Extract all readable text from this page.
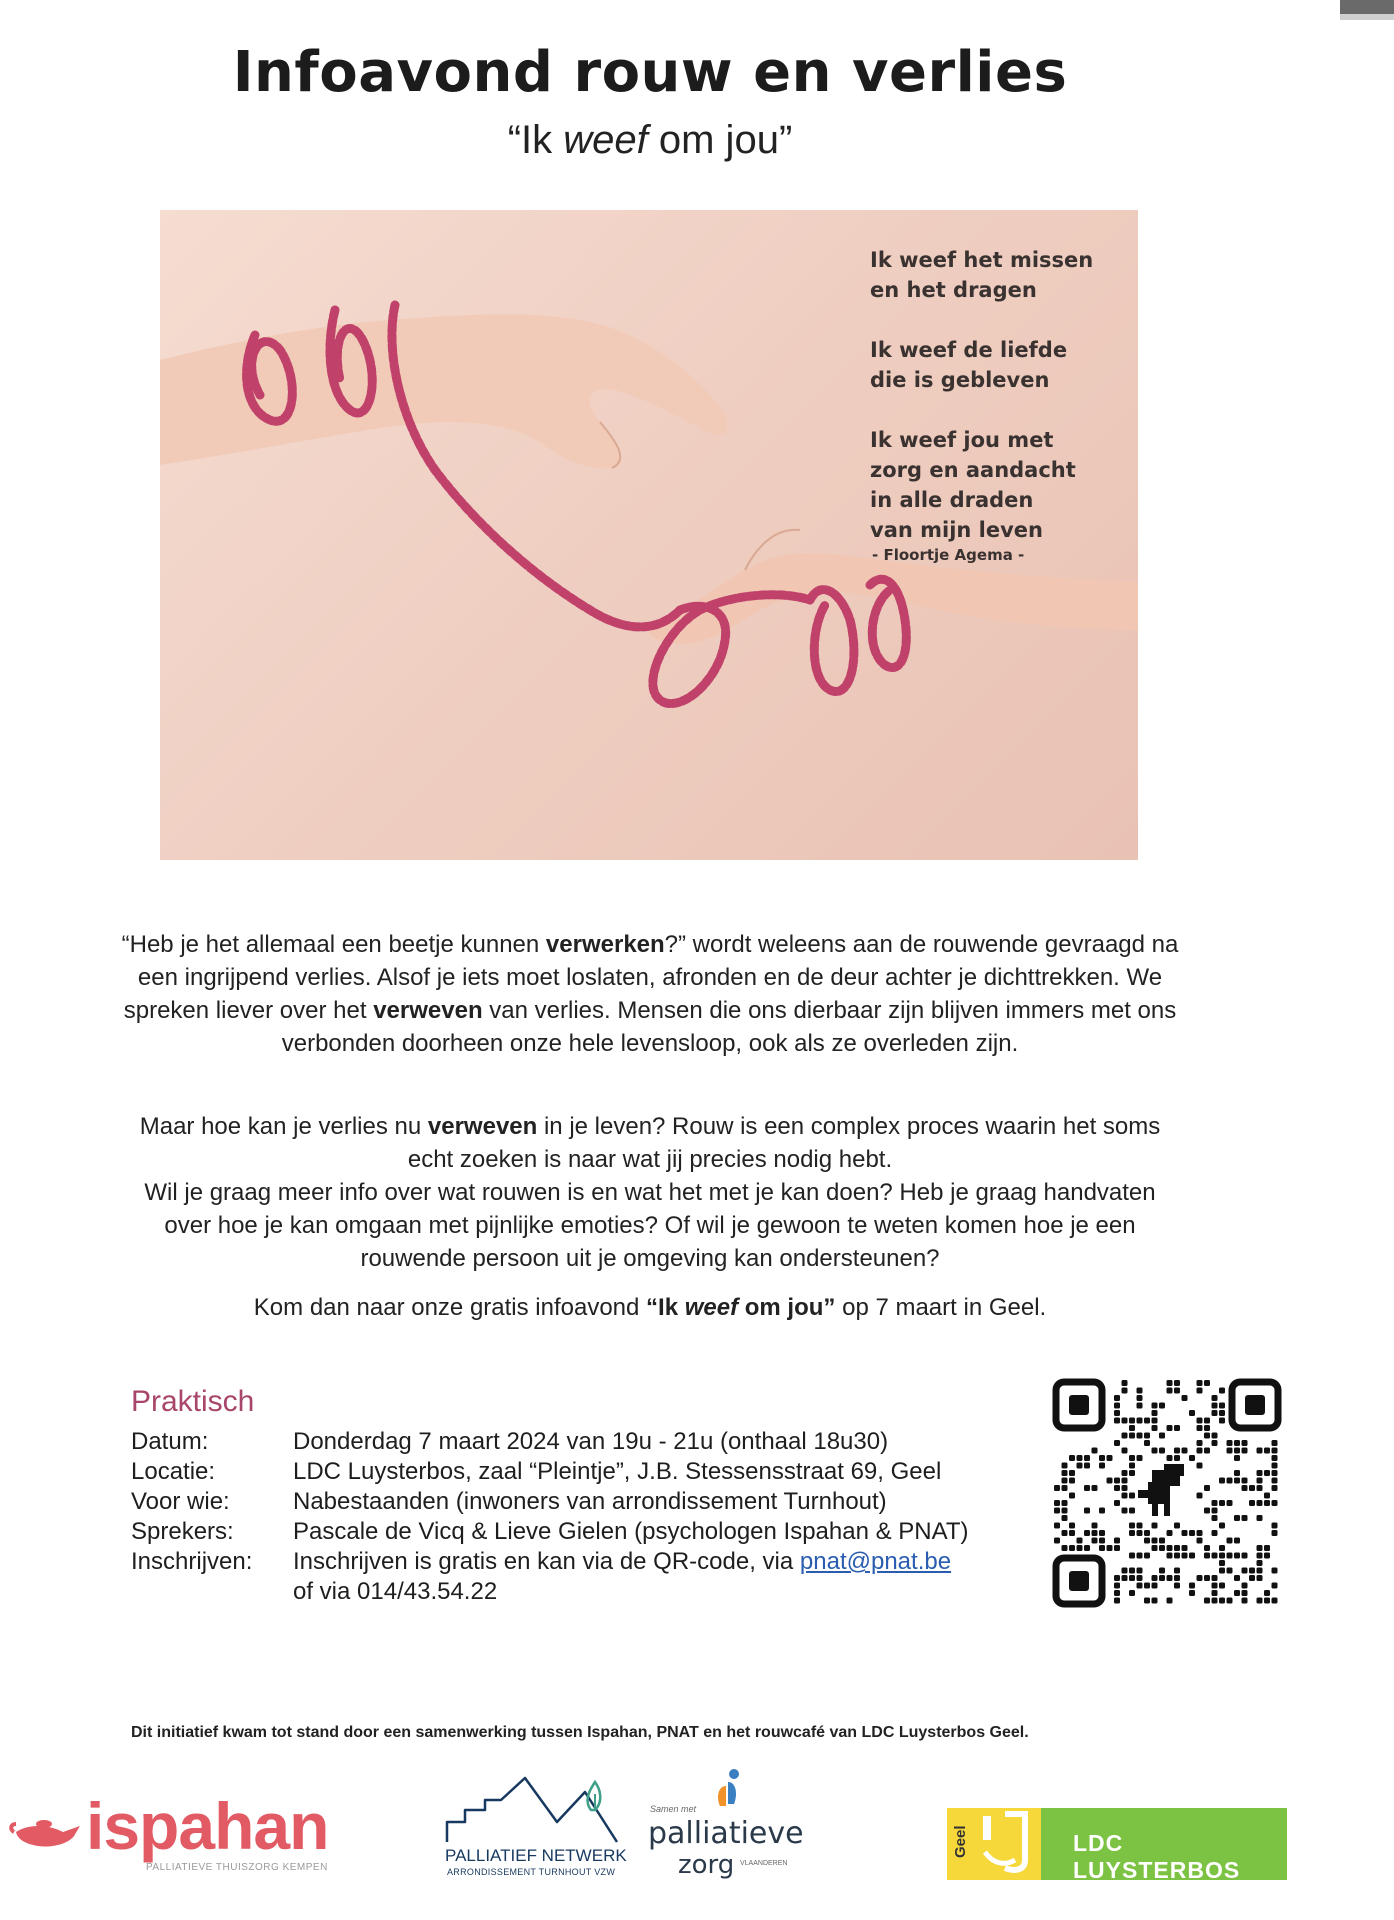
Infoavond rouw en verlies
“Ik weef om jou”
Ik weef het missen
en het dragen
Ik weef de liefde
die is gebleven
Ik weef jou met
zorg en aandacht
in alle draden
van mijn leven
- Floortje Agema -
“Heb je het allemaal een beetje kunnen verwerken?” wordt weleens aan de rouwende gevraagd na een ingrijpend verlies. Alsof je iets moet loslaten, afronden en de deur achter je dichttrekken. We spreken liever over het verweven van verlies. Mensen die ons dierbaar zijn blijven immers met ons verbonden doorheen onze hele levensloop, ook als ze overleden zijn.
Maar hoe kan je verlies nu verweven in je leven? Rouw is een complex proces waarin het soms echt zoeken is naar wat jij precies nodig hebt.
Wil je graag meer info over wat rouwen is en wat het met je kan doen? Heb je graag handvaten over hoe je kan omgaan met pijnlijke emoties? Of wil je gewoon te weten komen hoe je een rouwende persoon uit je omgeving kan ondersteunen?
Kom dan naar onze gratis infoavond “Ik weef om jou” op 7 maart in Geel.
Praktisch
Datum:	Donderdag 7 maart 2024 van 19u - 21u (onthaal 18u30)
Locatie:	LDC Luysterbos, zaal “Pleintje”, J.B. Stessensstraat 69, Geel
Voor wie:	Nabestaanden (inwoners van arrondissement Turnhout)
Sprekers:	Pascale de Vicq & Lieve Gielen (psychologen Ispahan & PNAT)
Inschrijven:	Inschrijven is gratis en kan via de QR-code, via pnat@pnat.be
of via 014/43.54.22
Dit initiatief kwam tot stand door een samenwerking tussen Ispahan, PNAT en het rouwcafé van LDC Luysterbos Geel.
ispahan
PALLIATIEVE THUISZORG KEMPEN
PALLIATIEF NETWERK
ARRONDISSEMENT TURNHOUT VZW
Samen met
palliatieve
zorg VLAANDEREN
Geel	LDC LUYSTERBOS
